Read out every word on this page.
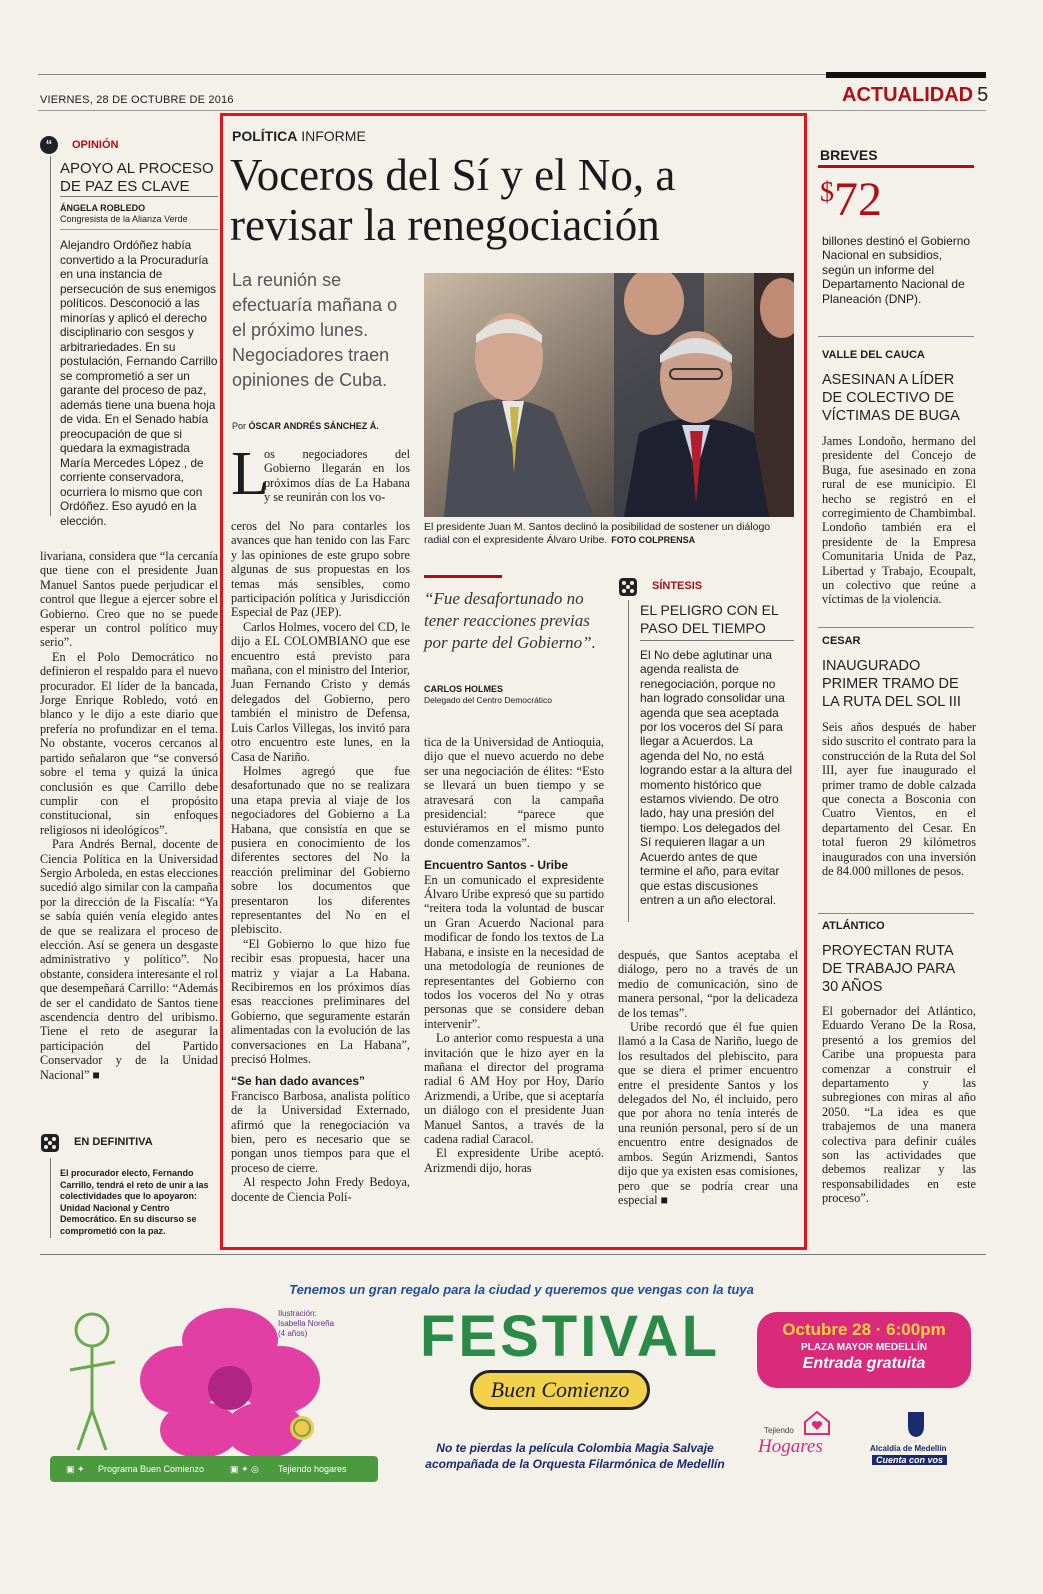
VIERNES, 28 DE OCTUBRE DE 2016	ACTUALIDAD 5
“	OPINIÓN
APOYO AL PROCESO DE PAZ ES CLAVE
ÁNGELA ROBLEDO
Congresista de la Alianza Verde
Alejandro Ordóñez había convertido a la Procuraduría en una instancia de persecución de sus enemigos políticos. Desconoció a las minorías y aplicó el derecho disciplinario con sesgos y arbitrariedades. En su postulación, Fernando Carrillo se comprometió a ser un garante del proceso de paz, además tiene una buena hoja de vida. En el Senado había preocupación de que si quedara la exmagistrada María Mercedes López , de corriente conservadora, ocurriera lo mismo que con Ordóñez. Eso ayudó en la elección.

livariana, considera que “la cercanía que tiene con el presidente Juan Manuel Santos puede perjudicar el control que llegue a ejercer sobre el Gobierno. Creo que no se puede esperar un control político muy serio”.

En el Polo Democrático no definieron el respaldo para el nuevo procurador. El líder de la bancada, Jorge Enrique Robledo, votó en blanco y le dijo a este diario que prefería no profundizar en el tema. No obstante, voceros cercanos al partido señalaron que “se conversó sobre el tema y quizá la única conclusión es que Carrillo debe cumplir con el propósito constitucional, sin enfoques religiosos ni ideológicos”.

Para Andrés Bernal, docente de Ciencia Política en la Universidad Sergio Arboleda, en estas elecciones sucedió algo similar con la campaña por la dirección de la Fiscalía: “Ya se sabía quién venía elegido antes de que se realizara el proceso de elección. Así se genera un desgaste administrativo y político”. No obstante, considera interesante el rol que desempeñará Carrillo: “Además de ser el candidato de Santos tiene ascendencia dentro del uribismo. Tiene el reto de asegurar la participación del Partido Conservador y de la Unidad Nacional” ■

EN DEFINITIVA
El procurador electo, Fernando Carrillo, tendrá el reto de unir a las colectividades que lo apoyaron: Unidad Nacional y Centro Democrático. En su discurso se comprometió con la paz.
POLÍTICA INFORME
Voceros del Sí y el No, a revisar la renegociación
La reunión se efectuaría mañana o el próximo lunes. Negociadores traen opiniones de Cuba.
Por ÓSCAR ANDRÉS SÁNCHEZ Á.
El presidente Juan M. Santos declinó la posibilidad de sostener un diálogo radial con el expresidente Álvaro Uribe. FOTO COLPRENSA
L
os negociadores del Gobierno llegarán en los próximos días de La Habana y se reunirán con los vo-

ceros del No para contarles los avances que han tenido con las Farc y las opiniones de este grupo sobre algunas de sus propuestas en los temas más sensibles, como participación política y Jurisdicción Especial de Paz (JEP).

Carlos Holmes, vocero del CD, le dijo a EL COLOMBIANO que ese encuentro está previsto para mañana, con el ministro del Interior, Juan Fernando Cristo y demás delegados del Gobierno, pero también el ministro de Defensa, Luis Carlos Villegas, los invitó para otro encuentro este lunes, en la Casa de Nariño.

Holmes agregó que fue desafortunado que no se realizara una etapa previa al viaje de los negociadores del Gobierno a La Habana, que consistía en que se pusiera en conocimiento de los diferentes sectores del No la reacción preliminar del Gobierno sobre los documentos que presentaron los diferentes representantes del No en el plebiscito.

“El Gobierno lo que hizo fue recibir esas propuesta, hacer una matriz y viajar a La Habana. Recibiremos en los próximos días esas reacciones preliminares del Gobierno, que seguramente estarán alimentadas con la evolución de las conversaciones en La Habana”, precisó Holmes.

“Se han dado avances”

Francisco Barbosa, analista político de la Universidad Externado, afirmó que la renegociación va bien, pero es necesario que se pongan unos tiempos para que el proceso de cierre.

Al respecto John Fredy Bedoya, docente de Ciencia Polí-

“Fue desafortunado no tener reacciones previas por parte del Gobierno”.
CARLOS HOLMES
Delegado del Centro Democrático

tica de la Universidad de Antioquia, dijo que el nuevo acuerdo no debe ser una negociación de élites: “Esto se llevará un buen tiempo y se atravesará con la campaña presidencial: “parece que estuviéramos en el mismo punto donde comenzamos”.

Encuentro Santos - Uribe

En un comunicado el expresidente Álvaro Uribe expresó que su partido “reitera toda la voluntad de buscar un Gran Acuerdo Nacional para modificar de fondo los textos de La Habana, e insiste en la necesidad de una metodología de reuniones de representantes del Gobierno con todos los voceros del No y otras personas que se considere deban intervenir”.

Lo anterior como respuesta a una invitación que le hizo ayer en la mañana el director del programa radial 6 AM Hoy por Hoy, Darío Arizmendi, a Uribe, que si aceptaría un diálogo con el presidente Juan Manuel Santos, a través de la cadena radial Caracol.

El expresidente Uribe aceptó. Arizmendi dijo, horas

SÍNTESIS
EL PELIGRO CON EL PASO DEL TIEMPO
El No debe aglutinar una agenda realista de renegociación, porque no han logrado consolidar una agenda que sea aceptada por los voceros del Sí para llegar a Acuerdos. La agenda del No, no está logrando estar a la altura del momento histórico que estamos viviendo. De otro lado, hay una presión del tiempo. Los delegados del Sí requieren llagar a un Acuerdo antes de que termine el año, para evitar que estas discusiones entren a un año electoral.

después, que Santos aceptaba el diálogo, pero no a través de un medio de comunicación, sino de manera personal, “por la delicadeza de los temas”.

Uribe recordó que él fue quien llamó a la Casa de Nariño, luego de los resultados del plebiscito, para que se diera el primer encuentro entre el presidente Santos y los delegados del No, él incluido, pero que por ahora no tenía interés de una reunión personal, pero sí de un encuentro entre designados de ambos. Según Arizmendi, Santos dijo que ya existen esas comisiones, pero que se podría crear una especial ■

BREVES
$72
billones destinó el Gobierno Nacional en subsidios, según un informe del Departamento Nacional de Planeación (DNP).
VALLE DEL CAUCA
ASESINAN A LÍDER DE COLECTIVO DE VÍCTIMAS DE BUGA
James Londoño, hermano del presidente del Concejo de Buga, fue asesinado en zona rural de ese municipio. El hecho se registró en el corregimiento de Chambimbal. Londoño también era el presidente de la Empresa Comunitaria Unida de Paz, Libertad y Trabajo, Ecoupalt, un colectivo que reúne a víctimas de la violencia.
CESAR
INAUGURADO PRIMER TRAMO DE LA RUTA DEL SOL III
Seis años después de haber sido suscrito el contrato para la construcción de la Ruta del Sol III, ayer fue inaugurado el primer tramo de doble calzada que conecta a Bosconia con Cuatro Vientos, en el departamento del Cesar. En total fueron 29 kilómetros inaugurados con una inversión de 84.000 millones de pesos.
ATLÁNTICO
PROYECTAN RUTA DE TRABAJO PARA 30 AÑOS
El gobernador del Atlántico, Eduardo Verano De la Rosa, presentó a los gremios del Caribe una propuesta para comenzar a construir el departamento y las subregiones con miras al año 2050. “La idea es que trabajemos de una manera colectiva para definir cuáles son las actividades que debemos realizar y las responsabilidades en este proceso”.
Tenemos un gran regalo para la ciudad y queremos que vengas con la tuya
Ilustración:
Isabella Noreña
(4 años)
▣ ✦ Programa Buen Comienzo	▣ ✦ ◎ Tejiendo hogares
FESTIVAL
Buen Comienzo
No te pierdas la película Colombia Magia Salvaje
acompañada de la Orquesta Filarmónica de Medellín
Octubre 28 · 6:00pm
PLAZA MAYOR MEDELLÍN
Entrada gratuita
Tejiendo
Hogares	Alcaldía de Medellín
Cuenta con vos
